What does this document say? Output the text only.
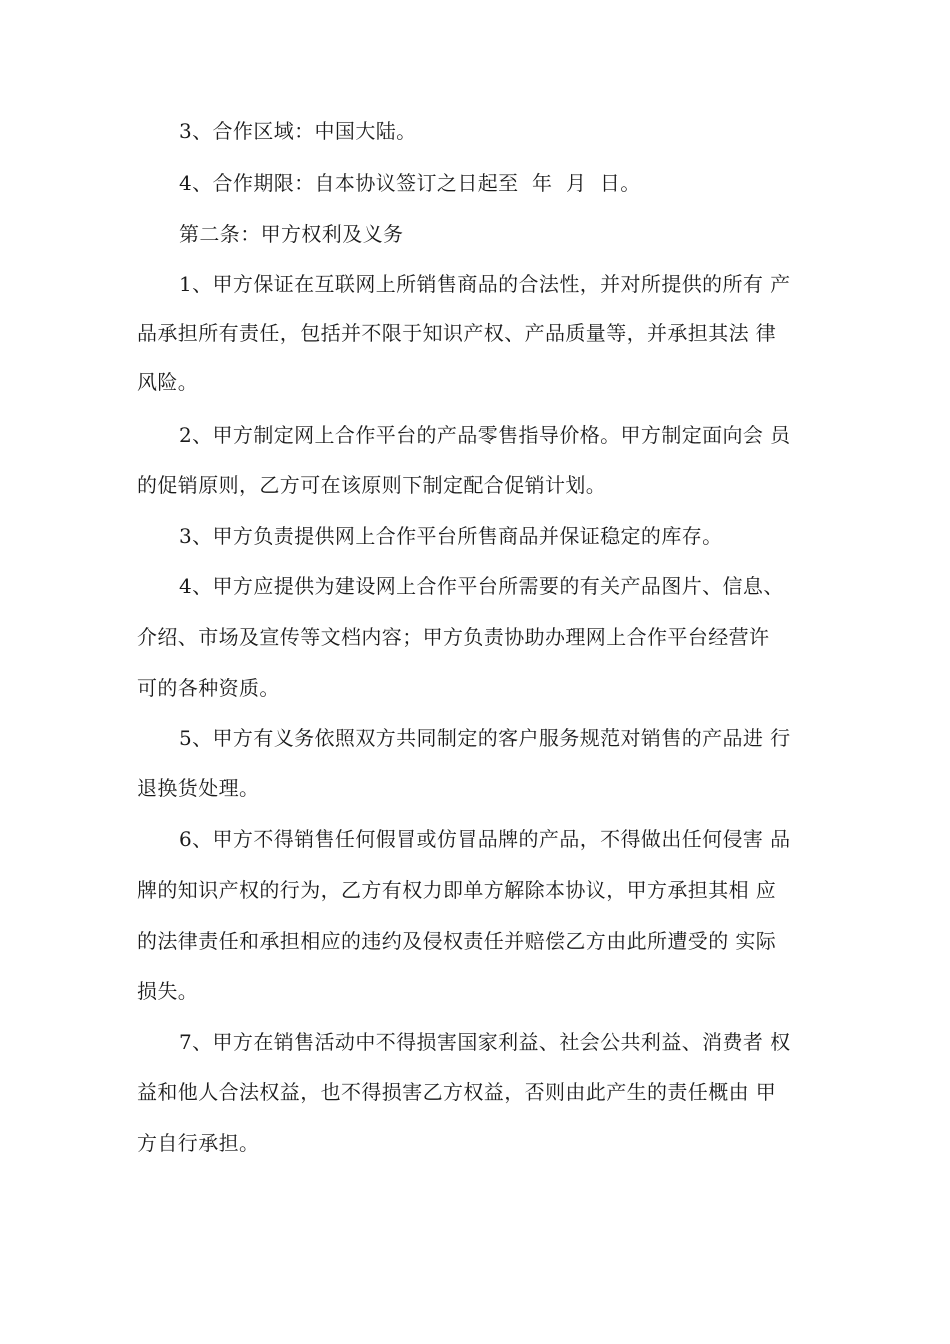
3、合作区域：中国大陆。
4、合作期限：自本协议签订之日起至  年  月  日。
第二条：甲方权利及义务
1、甲方保证在互联网上所销售商品的合法性，并对所提供的所有 产
品承担所有责任，包括并不限于知识产权、产品质量等，并承担其法 律
风险。
2、甲方制定网上合作平台的产品零售指导价格。甲方制定面向会 员
的促销原则，乙方可在该原则下制定配合促销计划。
3、甲方负责提供网上合作平台所售商品并保证稳定的库存。
4、甲方应提供为建设网上合作平台所需要的有关产品图片、信息、
介绍、市场及宣传等文档内容；甲方负责协助办理网上合作平台经营许
可的各种资质。
5、甲方有义务依照双方共同制定的客户服务规范对销售的产品进 行
退换货处理。
6、甲方不得销售任何假冒或仿冒品牌的产品，不得做出任何侵害 品
牌的知识产权的行为，乙方有权力即单方解除本协议，甲方承担其相 应
的法律责任和承担相应的违约及侵权责任并赔偿乙方由此所遭受的 实际
损失。
7、甲方在销售活动中不得损害国家利益、社会公共利益、消费者 权
益和他人合法权益，也不得损害乙方权益，否则由此产生的责任概由 甲
方自行承担。
